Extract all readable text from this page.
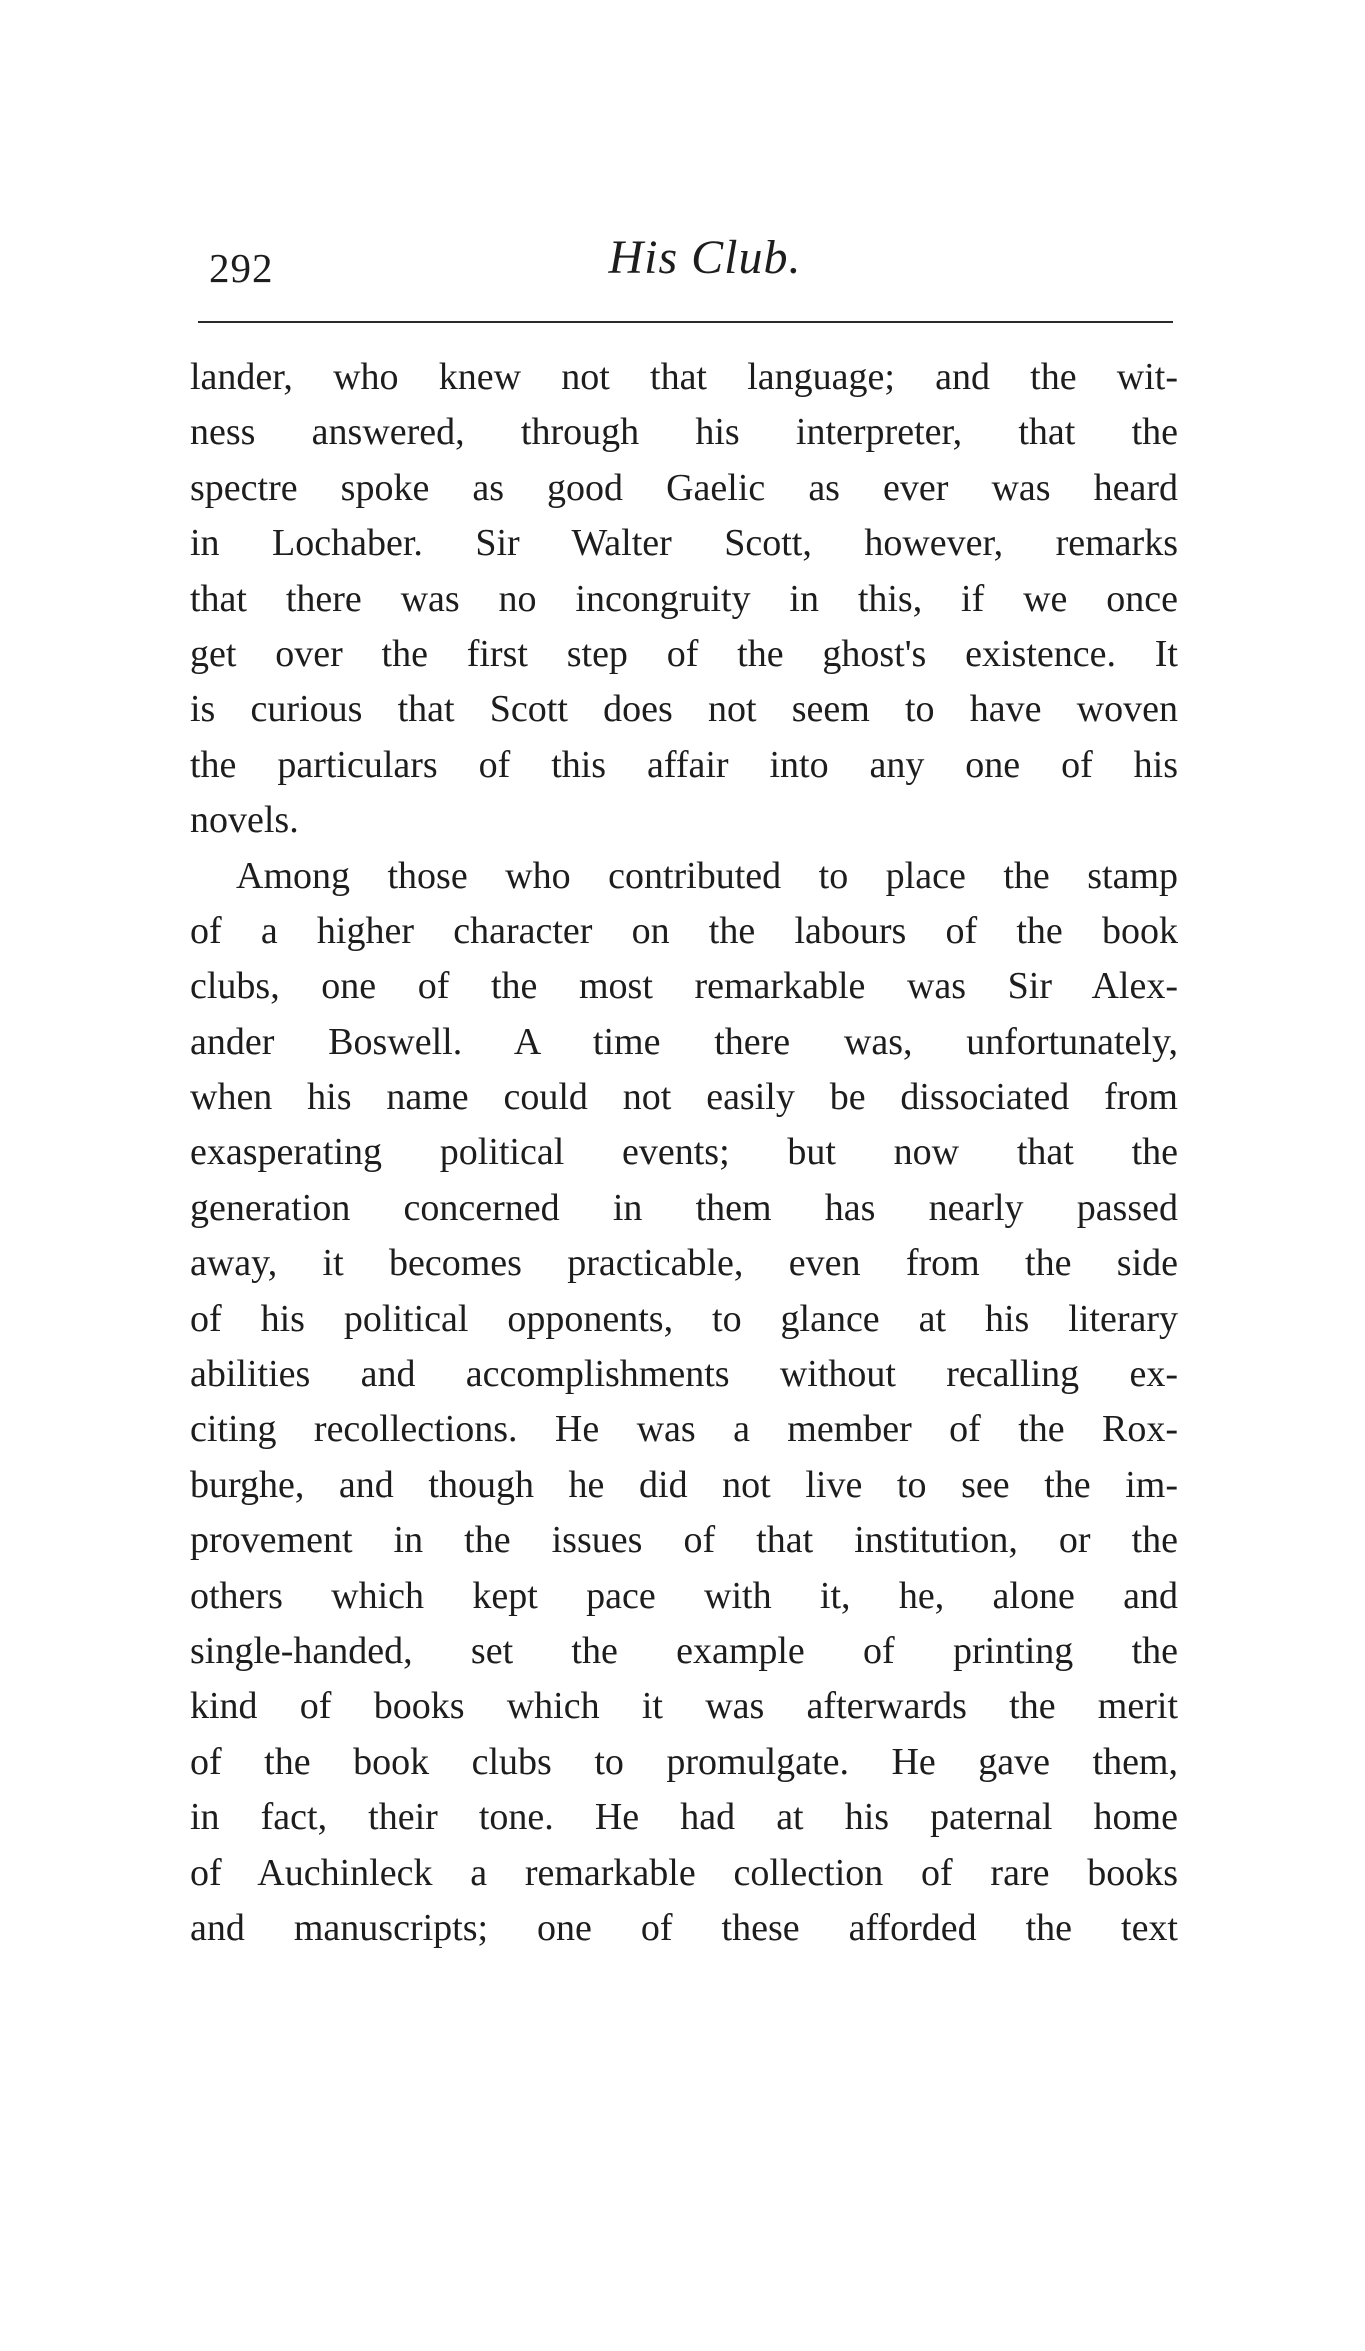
292	His Club.
lander, who knew not that language; and the wit-
ness answered, through his interpreter, that the
spectre spoke as good Gaelic as ever was heard
in Lochaber. Sir Walter Scott, however, remarks
that there was no incongruity in this, if we once
get over the first step of the ghost's existence. It
is curious that Scott does not seem to have woven
the particulars of this affair into any one of his
novels.
Among those who contributed to place the stamp
of a higher character on the labours of the book
clubs, one of the most remarkable was Sir Alex-
ander Boswell. A time there was, unfortunately,
when his name could not easily be dissociated from
exasperating political events; but now that the
generation concerned in them has nearly passed
away, it becomes practicable, even from the side
of his political opponents, to glance at his literary
abilities and accomplishments without recalling ex-
citing recollections. He was a member of the Rox-
burghe, and though he did not live to see the im-
provement in the issues of that institution, or the
others which kept pace with it, he, alone and
single-handed, set the example of printing the
kind of books which it was afterwards the merit
of the book clubs to promulgate. He gave them,
in fact, their tone. He had at his paternal home
of Auchinleck a remarkable collection of rare books
and manuscripts; one of these afforded the text
